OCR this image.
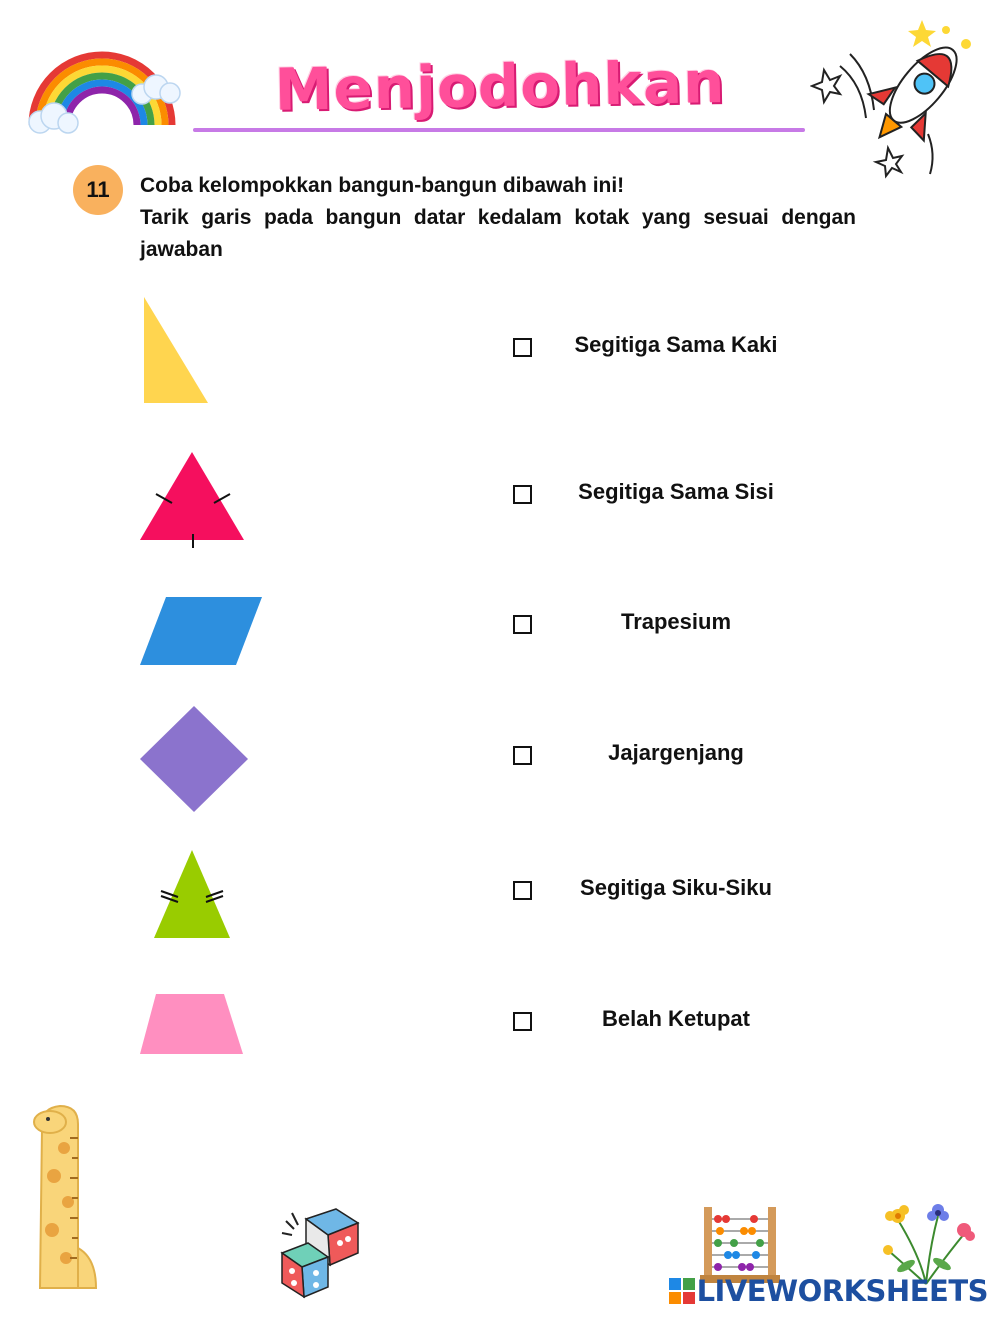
Menjodohkan
11	Coba kelompokkan bangun-bangun dibawah ini!
Tarik garis pada bangun datar kedalam kotak yang sesuai dengan jawaban
Segitiga Sama Kaki
Segitiga Sama Sisi
Trapesium
Jajargenjang
Segitiga Siku-Siku
Belah Ketupat
LIVEWORKSHEETS
